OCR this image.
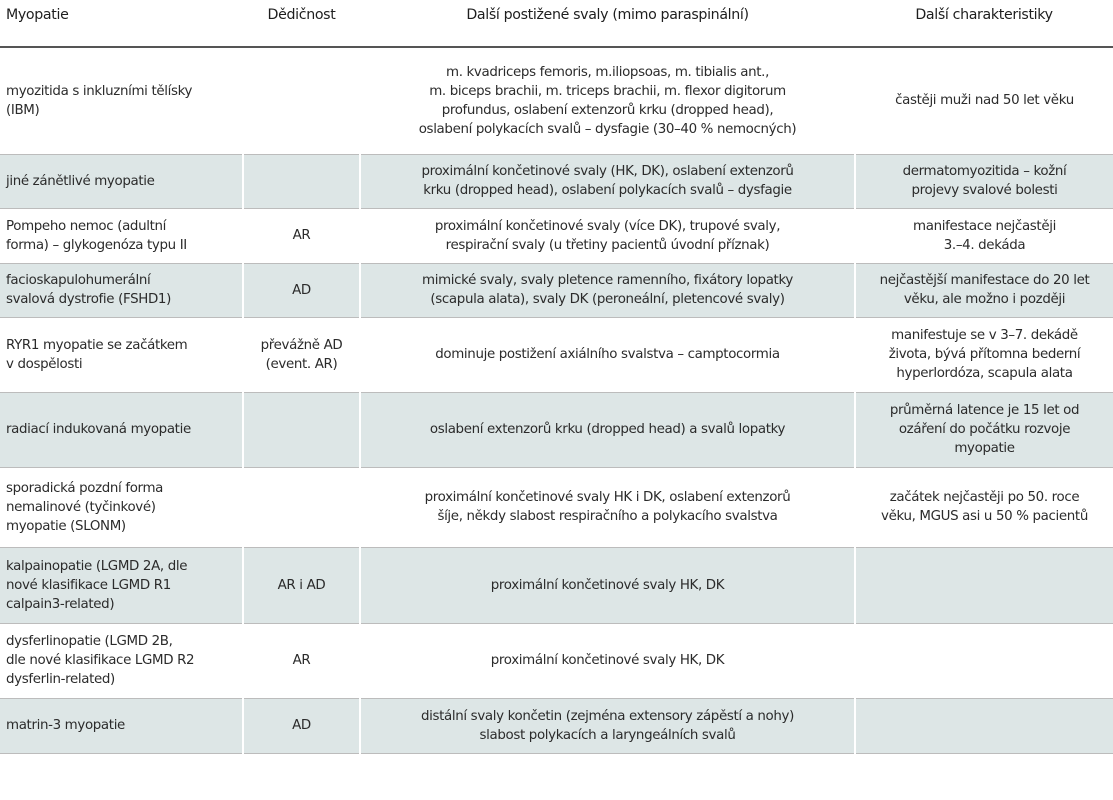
Myopatie	Dědičnost	Další postižené svaly (mimo paraspinální)	Další charakteristiky

myozitida s inkluzními tělísky
(IBM)		m. kvadriceps femoris, m.iliopsoas, m. tibialis ant.,
m. biceps brachii, m. triceps brachii, m. flexor digitorum
profundus, oslabení extenzorů krku (dropped head),
oslabení polykacích svalů – dysfagie (30–40 % nemocných)	častěji muži nad 50 let věku

jiné zánětlivé myopatie		proximální končetinové svaly (HK, DK), oslabení extenzorů
krku (dropped head), oslabení polykacích svalů – dysfagie	dermatomyozitida – kožní
projevy svalové bolesti

Pompeho nemoc (adultní
forma) – glykogenóza typu II	AR	proximální končetinové svaly (více DK), trupové svaly,
respirační svaly (u třetiny pacientů úvodní příznak)	manifestace nejčastěji
3.–4. dekáda

facioskapulohumerální
svalová dystrofie (FSHD1)	AD	mimické svaly, svaly pletence ramenního, fixátory lopatky
(scapula alata), svaly DK (peroneální, pletencové svaly)	nejčastější manifestace do 20 let
věku, ale možno i později

RYR1 myopatie se začátkem
v dospělosti	převážně AD
(event. AR)	dominuje postižení axiálního svalstva – camptocormia	manifestuje se v 3–7. dekádě
života, bývá přítomna bederní
hyperlordóza, scapula alata

radiací indukovaná myopatie		oslabení extenzorů krku (dropped head) a svalů lopatky	průměrná latence je 15 let od
ozáření do počátku rozvoje
myopatie

sporadická pozdní forma
nemalinové (tyčinkové)
myopatie (SLONM)		proximální končetinové svaly HK i DK, oslabení extenzorů
šíje, někdy slabost respiračního a polykacího svalstva	začátek nejčastěji po 50. roce
věku, MGUS asi u 50 % pacientů

kalpainopatie (LGMD 2A, dle
nové klasifikace LGMD R1
calpain3-related)	AR i AD	proximální končetinové svaly HK, DK	

dysferlinopatie (LGMD 2B,
dle nové klasifikace LGMD R2
dysferlin-related)	AR	proximální končetinové svaly HK, DK	

matrin-3 myopatie	AD	distální svaly končetin (zejména extensory zápěstí a nohy)
slabost polykacích a laryngeálních svalů	
